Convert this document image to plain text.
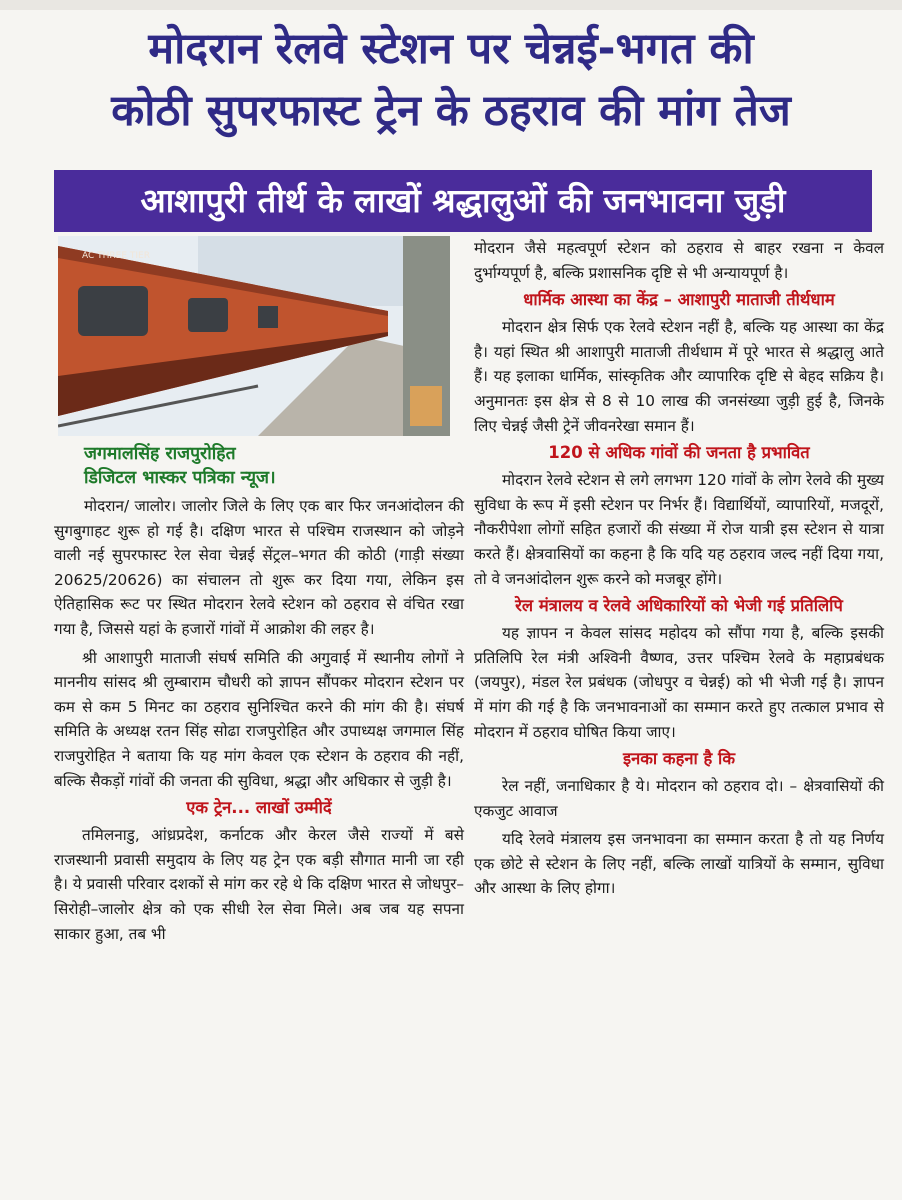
मोदरान रेलवे स्टेशन पर चेन्नई-भगत की
कोठी सुपरफास्ट ट्रेन के ठहराव की मांग तेज
आशापुरी तीर्थ के लाखों श्रद्धालुओं की जनभावना जुड़ी
AC THREE TIER
जगमालसिंह राजपुरोहित
डिजिटल भास्कर पत्रिका न्यूज।

मोदरान/ जालोर। जालोर जिले के लिए एक बार फिर जनआंदोलन की सुगबुगाहट शुरू हो गई है। दक्षिण भारत से पश्चिम राजस्थान को जोड़ने वाली नई सुपरफास्ट रेल सेवा चेन्नई सेंट्रल–भगत की कोठी (गाड़ी संख्या 20625/20626) का संचालन तो शुरू कर दिया गया, लेकिन इस ऐतिहासिक रूट पर स्थित मोदरान रेलवे स्टेशन को ठहराव से वंचित रखा गया है, जिससे यहां के हजारों गांवों में आक्रोश की लहर है।

श्री आशापुरी माताजी संघर्ष समिति की अगुवाई में स्थानीय लोगों ने माननीय सांसद श्री लुम्बाराम चौधरी को ज्ञापन सौंपकर मोदरान स्टेशन पर कम से कम 5 मिनट का ठहराव सुनिश्चित करने की मांग की है। संघर्ष समिति के अध्यक्ष रतन सिंह सोढा राजपुरोहित और उपाध्यक्ष जगमाल सिंह राजपुरोहित ने बताया कि यह मांग केवल एक स्टेशन के ठहराव की नहीं, बल्कि सैकड़ों गांवों की जनता की सुविधा, श्रद्धा और अधिकार से जुड़ी है।

एक ट्रेन... लाखों उम्मीदें

तमिलनाडु, आंध्रप्रदेश, कर्नाटक और केरल जैसे राज्यों में बसे राजस्थानी प्रवासी समुदाय के लिए यह ट्रेन एक बड़ी सौगात मानी जा रही है। ये प्रवासी परिवार दशकों से मांग कर रहे थे कि दक्षिण भारत से जोधपुर–सिरोही–जालोर क्षेत्र को एक सीधी रेल सेवा मिले। अब जब यह सपना साकार हुआ, तब भी

मोदरान जैसे महत्वपूर्ण स्टेशन को ठहराव से बाहर रखना न केवल दुर्भाग्यपूर्ण है, बल्कि प्रशासनिक दृष्टि से भी अन्यायपूर्ण है।

धार्मिक आस्था का केंद्र – आशापुरी माताजी तीर्थधाम

मोदरान क्षेत्र सिर्फ एक रेलवे स्टेशन नहीं है, बल्कि यह आस्था का केंद्र है। यहां स्थित श्री आशापुरी माताजी तीर्थधाम में पूरे भारत से श्रद्धालु आते हैं। यह इलाका धार्मिक, सांस्कृतिक और व्यापारिक दृष्टि से बेहद सक्रिय है। अनुमानतः इस क्षेत्र से 8 से 10 लाख की जनसंख्या जुड़ी हुई है, जिनके लिए चेन्नई जैसी ट्रेनें जीवनरेखा समान हैं।

120 से अधिक गांवों की जनता है प्रभावित

मोदरान रेलवे स्टेशन से लगे लगभग 120 गांवों के लोग रेलवे की मुख्य सुविधा के रूप में इसी स्टेशन पर निर्भर हैं। विद्यार्थियों, व्यापारियों, मजदूरों, नौकरीपेशा लोगों सहित हजारों की संख्या में रोज यात्री इस स्टेशन से यात्रा करते हैं। क्षेत्रवासियों का कहना है कि यदि यह ठहराव जल्द नहीं दिया गया, तो वे जनआंदोलन शुरू करने को मजबूर होंगे।

रेल मंत्रालय व रेलवे अधिकारियों को भेजी गई प्रतिलिपि

यह ज्ञापन न केवल सांसद महोदय को सौंपा गया है, बल्कि इसकी प्रतिलिपि रेल मंत्री अश्विनी वैष्णव, उत्तर पश्चिम रेलवे के महाप्रबंधक (जयपुर), मंडल रेल प्रबंधक (जोधपुर व चेन्नई) को भी भेजी गई है। ज्ञापन में मांग की गई है कि जनभावनाओं का सम्मान करते हुए तत्काल प्रभाव से मोदरान में ठहराव घोषित किया जाए।

इनका कहना है कि

रेल नहीं, जनाधिकार है ये। मोदरान को ठहराव दो। – क्षेत्रवासियों की एकजुट आवाज

यदि रेलवे मंत्रालय इस जनभावना का सम्मान करता है तो यह निर्णय एक छोटे से स्टेशन के लिए नहीं, बल्कि लाखों यात्रियों के सम्मान, सुविधा और आस्था के लिए होगा।
